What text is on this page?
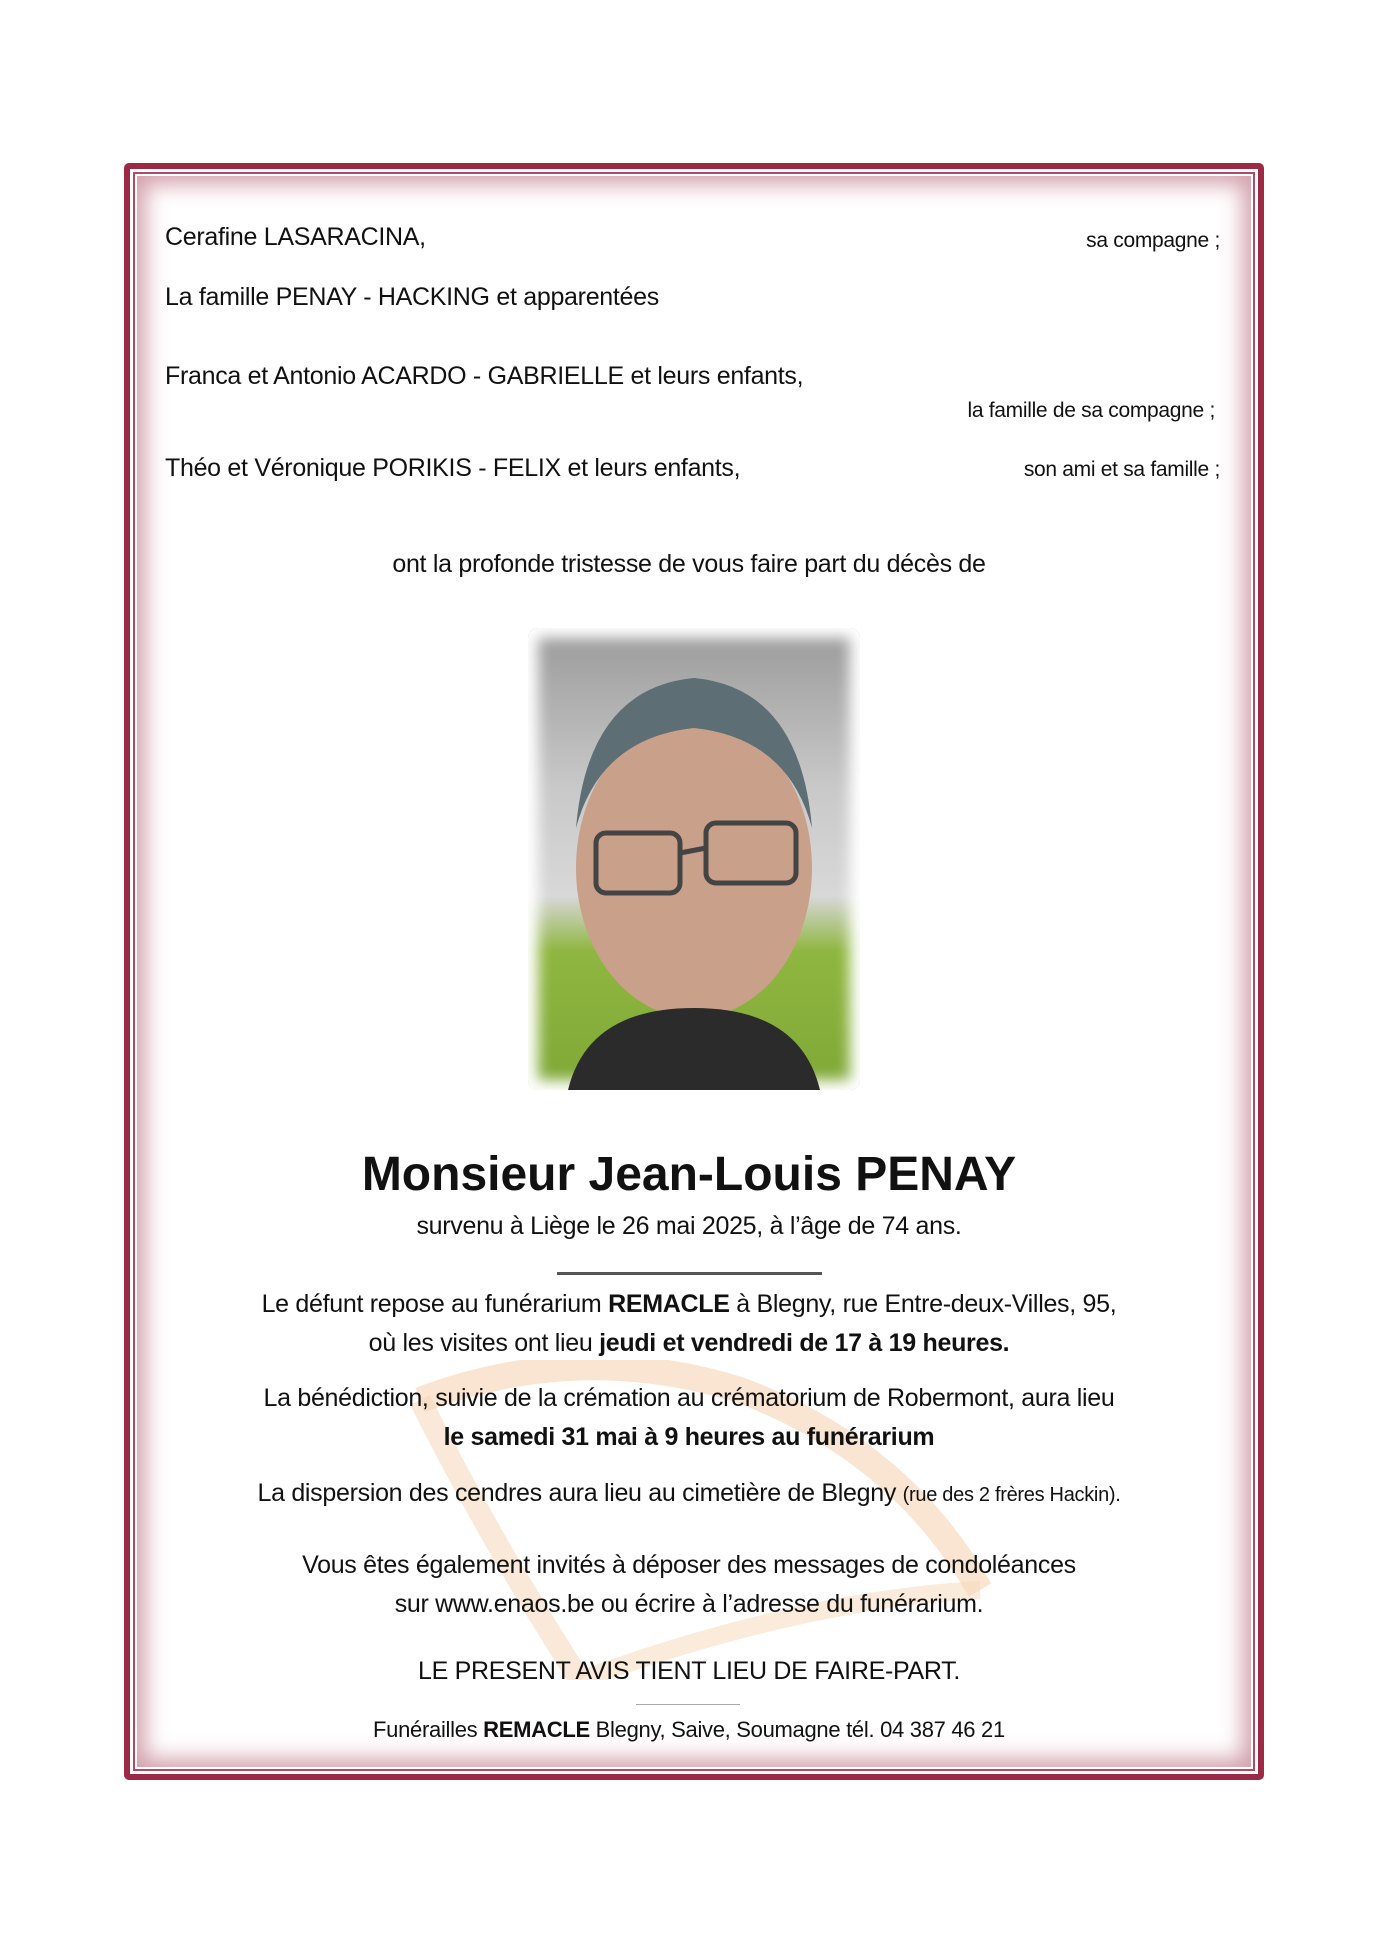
Cerafine LASARACINA,	sa compagne ;
La famille PENAY - HACKING et apparentées
Franca et Antonio ACARDO - GABRIELLE et leurs enfants,
la famille de sa compagne ;
Théo et Véronique PORIKIS - FELIX et leurs enfants,	son ami et sa famille ;
ont la profonde tristesse de vous faire part du décès de
Monsieur Jean-Louis PENAY
survenu à Liège le 26 mai 2025, à l’âge de 74 ans.
Le défunt repose au funérarium REMACLE à Blegny, rue Entre-deux-Villes, 95,
où les visites ont lieu jeudi et vendredi de 17 à 19 heures.
La bénédiction, suivie de la crémation au crématorium de Robermont, aura lieu
le samedi 31 mai à 9 heures au funérarium
La dispersion des cendres aura lieu au cimetière de Blegny (rue des 2 frères Hackin).
Vous êtes également invités à déposer des messages de condoléances
sur www.enaos.be ou écrire à l’adresse du funérarium.
LE PRESENT AVIS TIENT LIEU DE FAIRE-PART.
Funérailles REMACLE Blegny, Saive, Soumagne tél. 04 387 46 21
